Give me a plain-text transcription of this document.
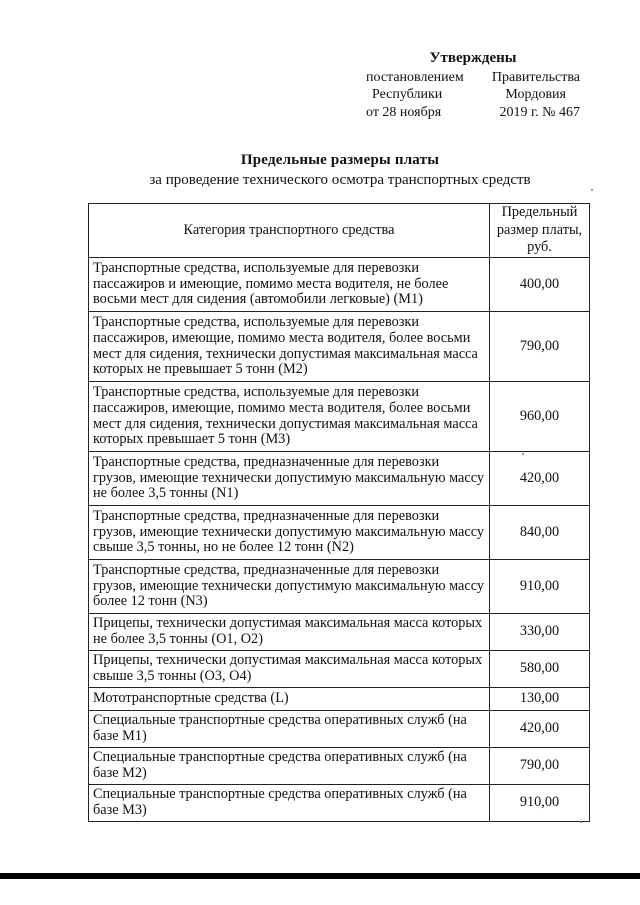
Утверждены
постановлением Правительства
Республики	Мордовия
от 28 ноября	2019 г. № 467
Предельные размеры платы
за проведение технического осмотра транспортных средств
Категория транспортного средства	Предельный размер платы, руб.
Транспортные средства, используемые для перевозки пассажиров и имеющие, помимо места водителя, не более восьми мест для сидения (автомобили легковые) (M1)	400,00
Транспортные средства, используемые для перевозки пассажиров, имеющие, помимо места водителя, более восьми мест для сидения, технически допустимая максимальная масса которых не превышает 5 тонн (М2)	790,00
Транспортные средства, используемые для перевозки пассажиров, имеющие, помимо места водителя, более восьми мест для сидения, технически допустимая максимальная масса которых превышает 5 тонн (М3)	960,00
Транспортные средства, предназначенные для перевозки грузов, имеющие технически допустимую максимальную массу не более 3,5 тонны (N1)	420,00
Транспортные средства, предназначенные для перевозки грузов, имеющие технически допустимую максимальную массу свыше 3,5 тонны, но не более 12 тонн (N2)	840,00
Транспортные средства, предназначенные для перевозки грузов, имеющие технически допустимую максимальную массу более 12 тонн (N3)	910,00
Прицепы, технически допустимая максимальная масса которых не более 3,5 тонны (О1, О2)	330,00
Прицепы, технически допустимая максимальная масса которых свыше 3,5 тонны (О3, О4)	580,00
Мототранспортные средства (L)	130,00
Специальные транспортные средства оперативных служб (на базе М1)	420,00
Специальные транспортные средства оперативных служб (на базе М2)	790,00
Специальные транспортные средства оперативных служб (на базе М3)	910,00
